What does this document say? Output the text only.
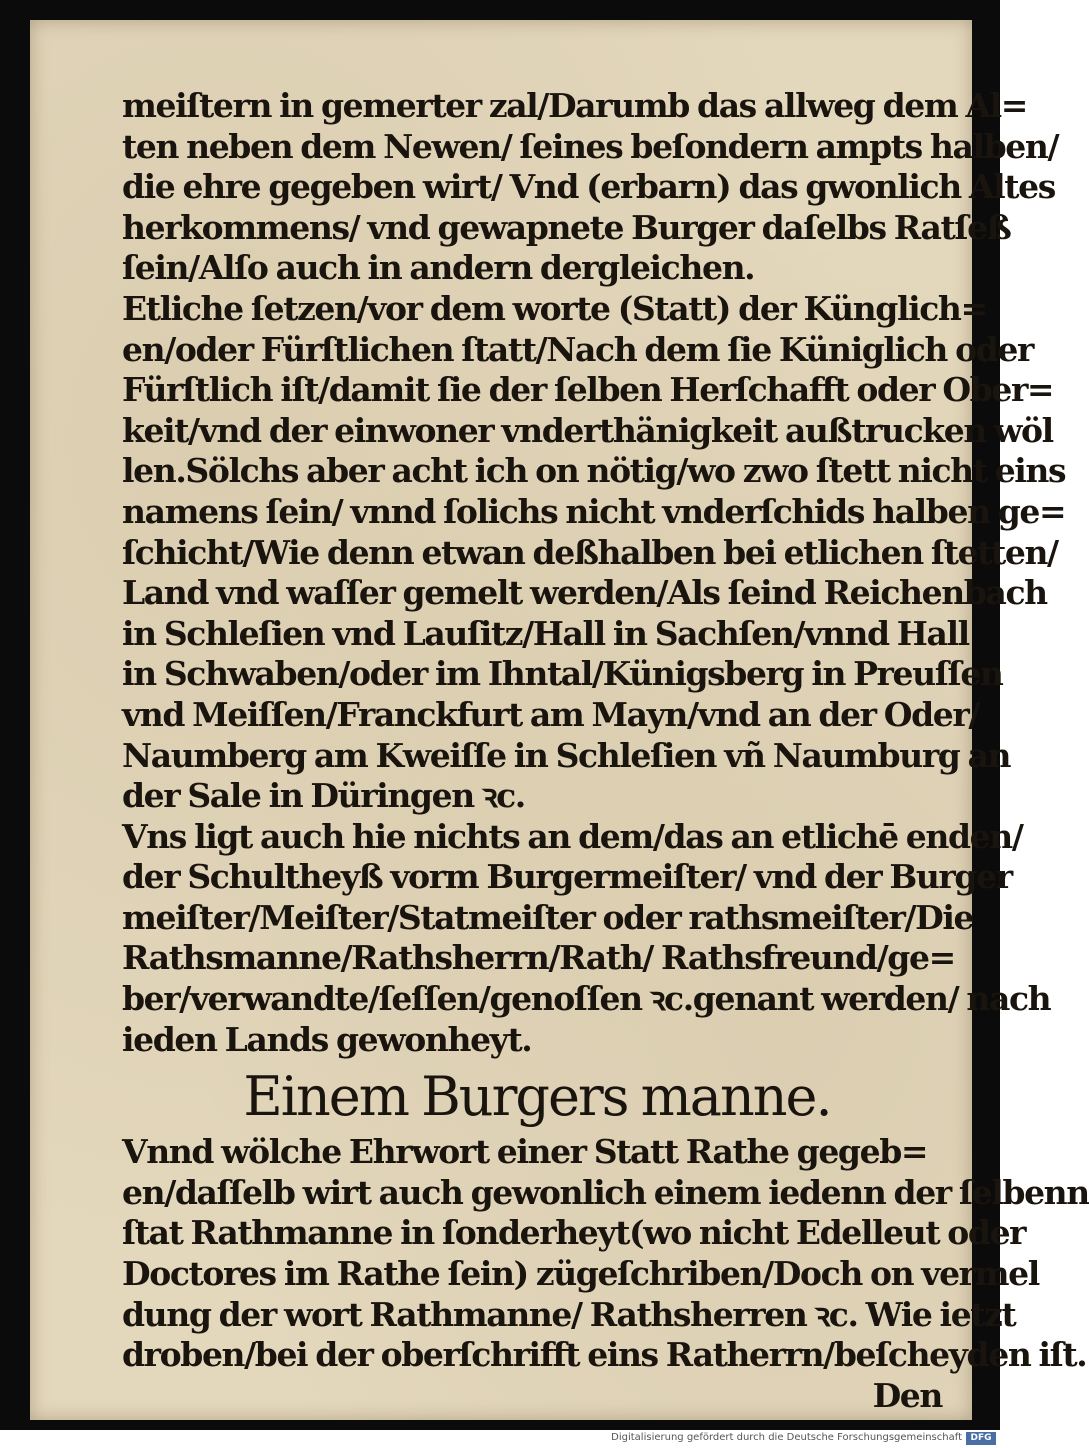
meiſtern in gemerter zal/Darumb das allweg dem Al=
ten neben dem Newen/ ſeines beſondern ampts halben/
die ehre gegeben wirt/ Vnd (erbarn) das gwonlich Altes
herkommens/ vnd gewapnete Burger daſelbs Ratſeß
ſein/Alſo auch in andern dergleichen.
Etliche ſetzen/vor dem worte (Statt) der Künglich=
en/oder Fürſtlichen ſtatt/Nach dem ſie Küniglich oder
Fürſtlich iſt/damit ſie der ſelben Herſchafft oder Ober=
keit/vnd der einwoner vnderthänigkeit außtrucken wöl
len.Sölchs aber acht ich on nötig/wo zwo ſtett nicht eins
namens ſein/ vnnd ſolichs nicht vnderſchids halben ge=
ſchicht/Wie denn etwan deßhalben bei etlichen ſtetten/
Land vnd waſſer gemelt werden/Als ſeind Reichenbach
in Schleſien vnd Lauſitz/Hall in Sachſen/vnnd Hall
in Schwaben/oder im Ihntal/Künigsberg in Preuſſen
vnd Meiſſen/Franckfurt am Mayn/vnd an der Oder/
Naumberg am Kweiſſe in Schleſien vñ Naumburg an
der Sale in Düringen ꝛc.
Vns ligt auch hie nichts an dem/das an etlichē enden/
der Schultheyß vorm Burgermeiſter/ vnd der Burger
meiſter/Meiſter/Statmeiſter oder rathsmeiſter/Die
Rathsmanne/Rathsherrn/Rath/ Rathsfreund/ge=
ber/verwandte/ſeſſen/genoſſen ꝛc.genant werden/ nach
ieden Lands gewonheyt.
Einem Burgers manne.
Vnnd wölche Ehrwort einer Statt Rathe gegeb=
en/daſſelb wirt auch gewonlich einem iedenn der ſelbenn
ſtat Rathmanne in ſonderheyt(wo nicht Edelleut oder
Doctores im Rathe ſein) zügeſchriben/Doch on vermel
dung der wort Rathmanne/ Rathsherren ꝛc. Wie ietzt
droben/bei der oberſchrifft eins Ratherrn/beſcheyden iſt.
Den
Digitalisierung gefördert durch die Deutsche Forschungsgemeinschaft DFG
